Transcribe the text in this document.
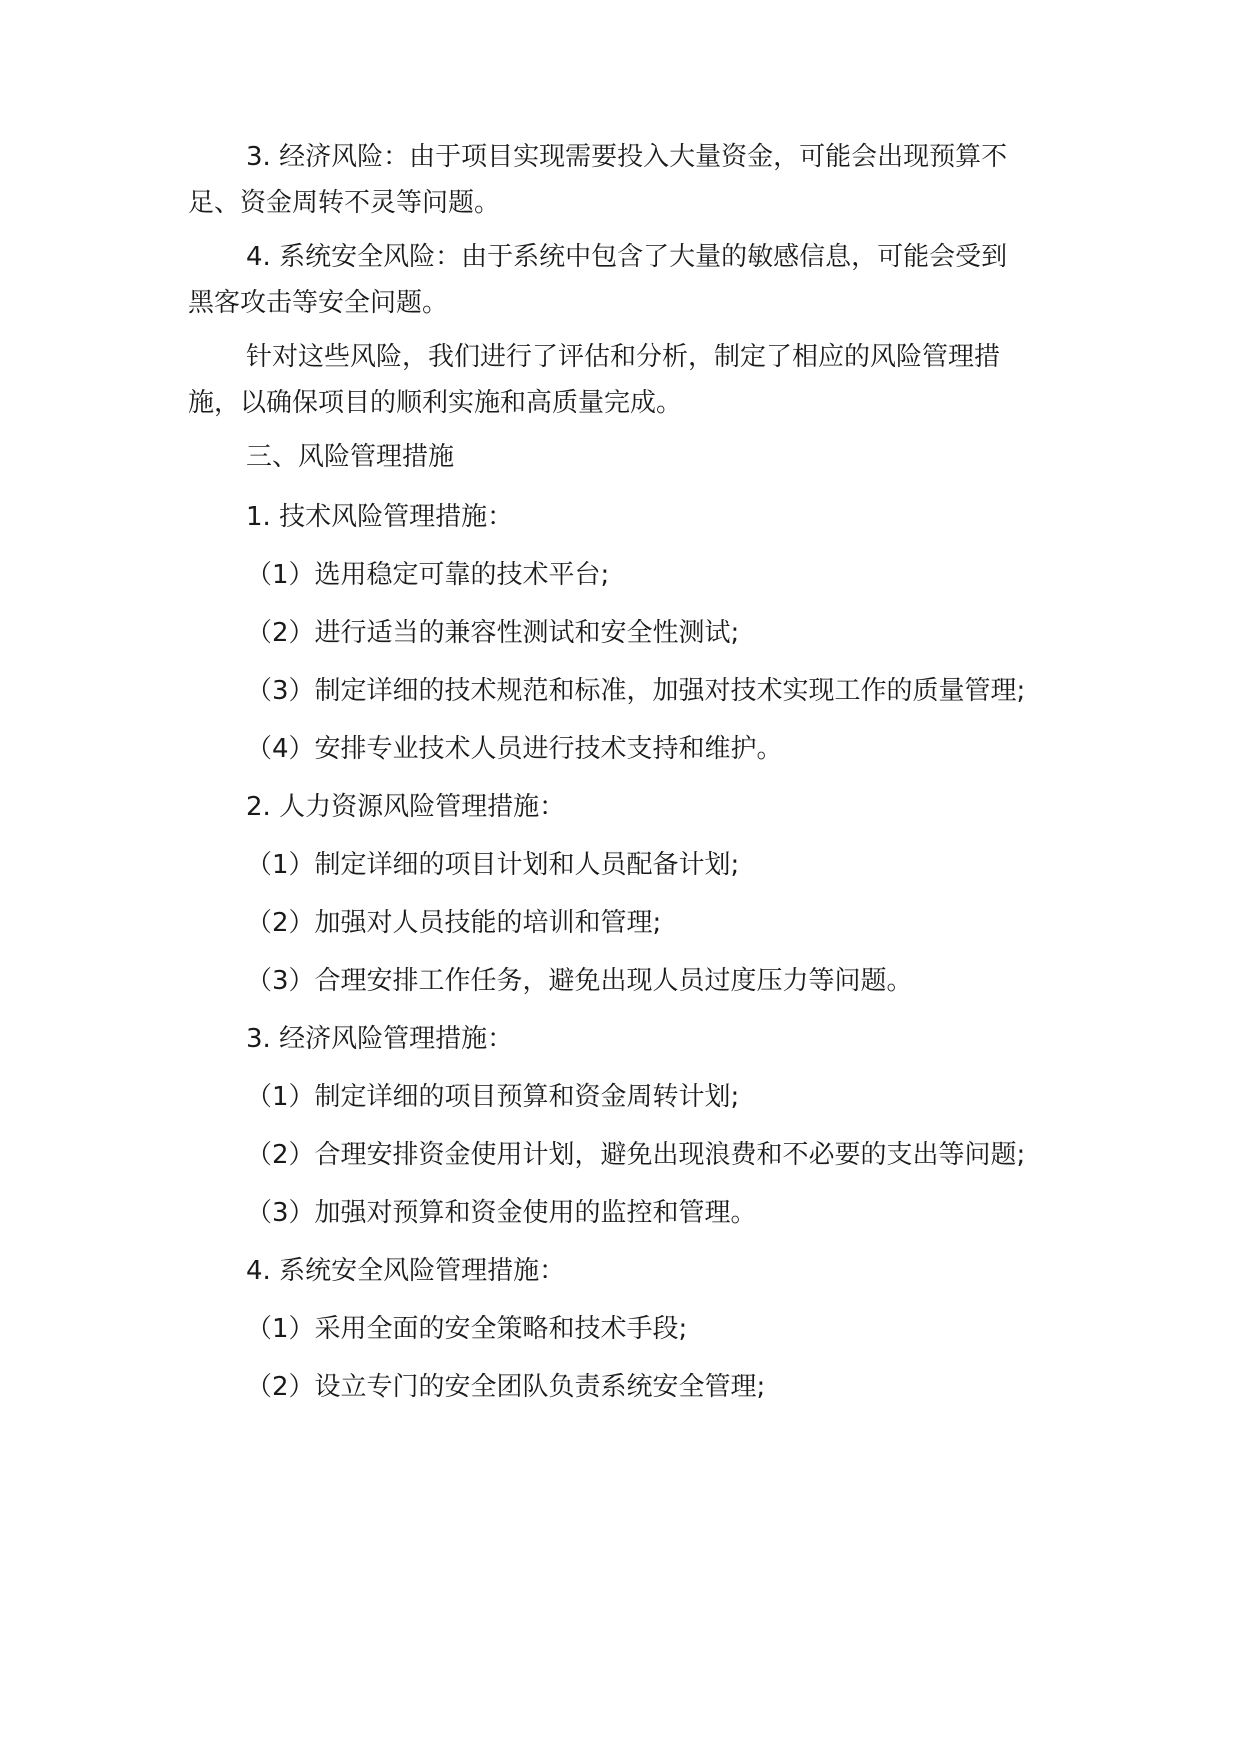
3. 经济风险：由于项目实现需要投入大量资金，可能会出现预算不
足、资金周转不灵等问题。
4. 系统安全风险：由于系统中包含了大量的敏感信息，可能会受到
黑客攻击等安全问题。
针对这些风险，我们进行了评估和分析，制定了相应的风险管理措
施，以确保项目的顺利实施和高质量完成。
三、风险管理措施
1. 技术风险管理措施：
（1）选用稳定可靠的技术平台;
（2）进行适当的兼容性测试和安全性测试;
（3）制定详细的技术规范和标准，加强对技术实现工作的质量管理;
（4）安排专业技术人员进行技术支持和维护。
2. 人力资源风险管理措施：
（1）制定详细的项目计划和人员配备计划;
（2）加强对人员技能的培训和管理;
（3）合理安排工作任务，避免出现人员过度压力等问题。
3. 经济风险管理措施：
（1）制定详细的项目预算和资金周转计划;
（2）合理安排资金使用计划，避免出现浪费和不必要的支出等问题;
（3）加强对预算和资金使用的监控和管理。
4. 系统安全风险管理措施：
（1）采用全面的安全策略和技术手段;
（2）设立专门的安全团队负责系统安全管理;
